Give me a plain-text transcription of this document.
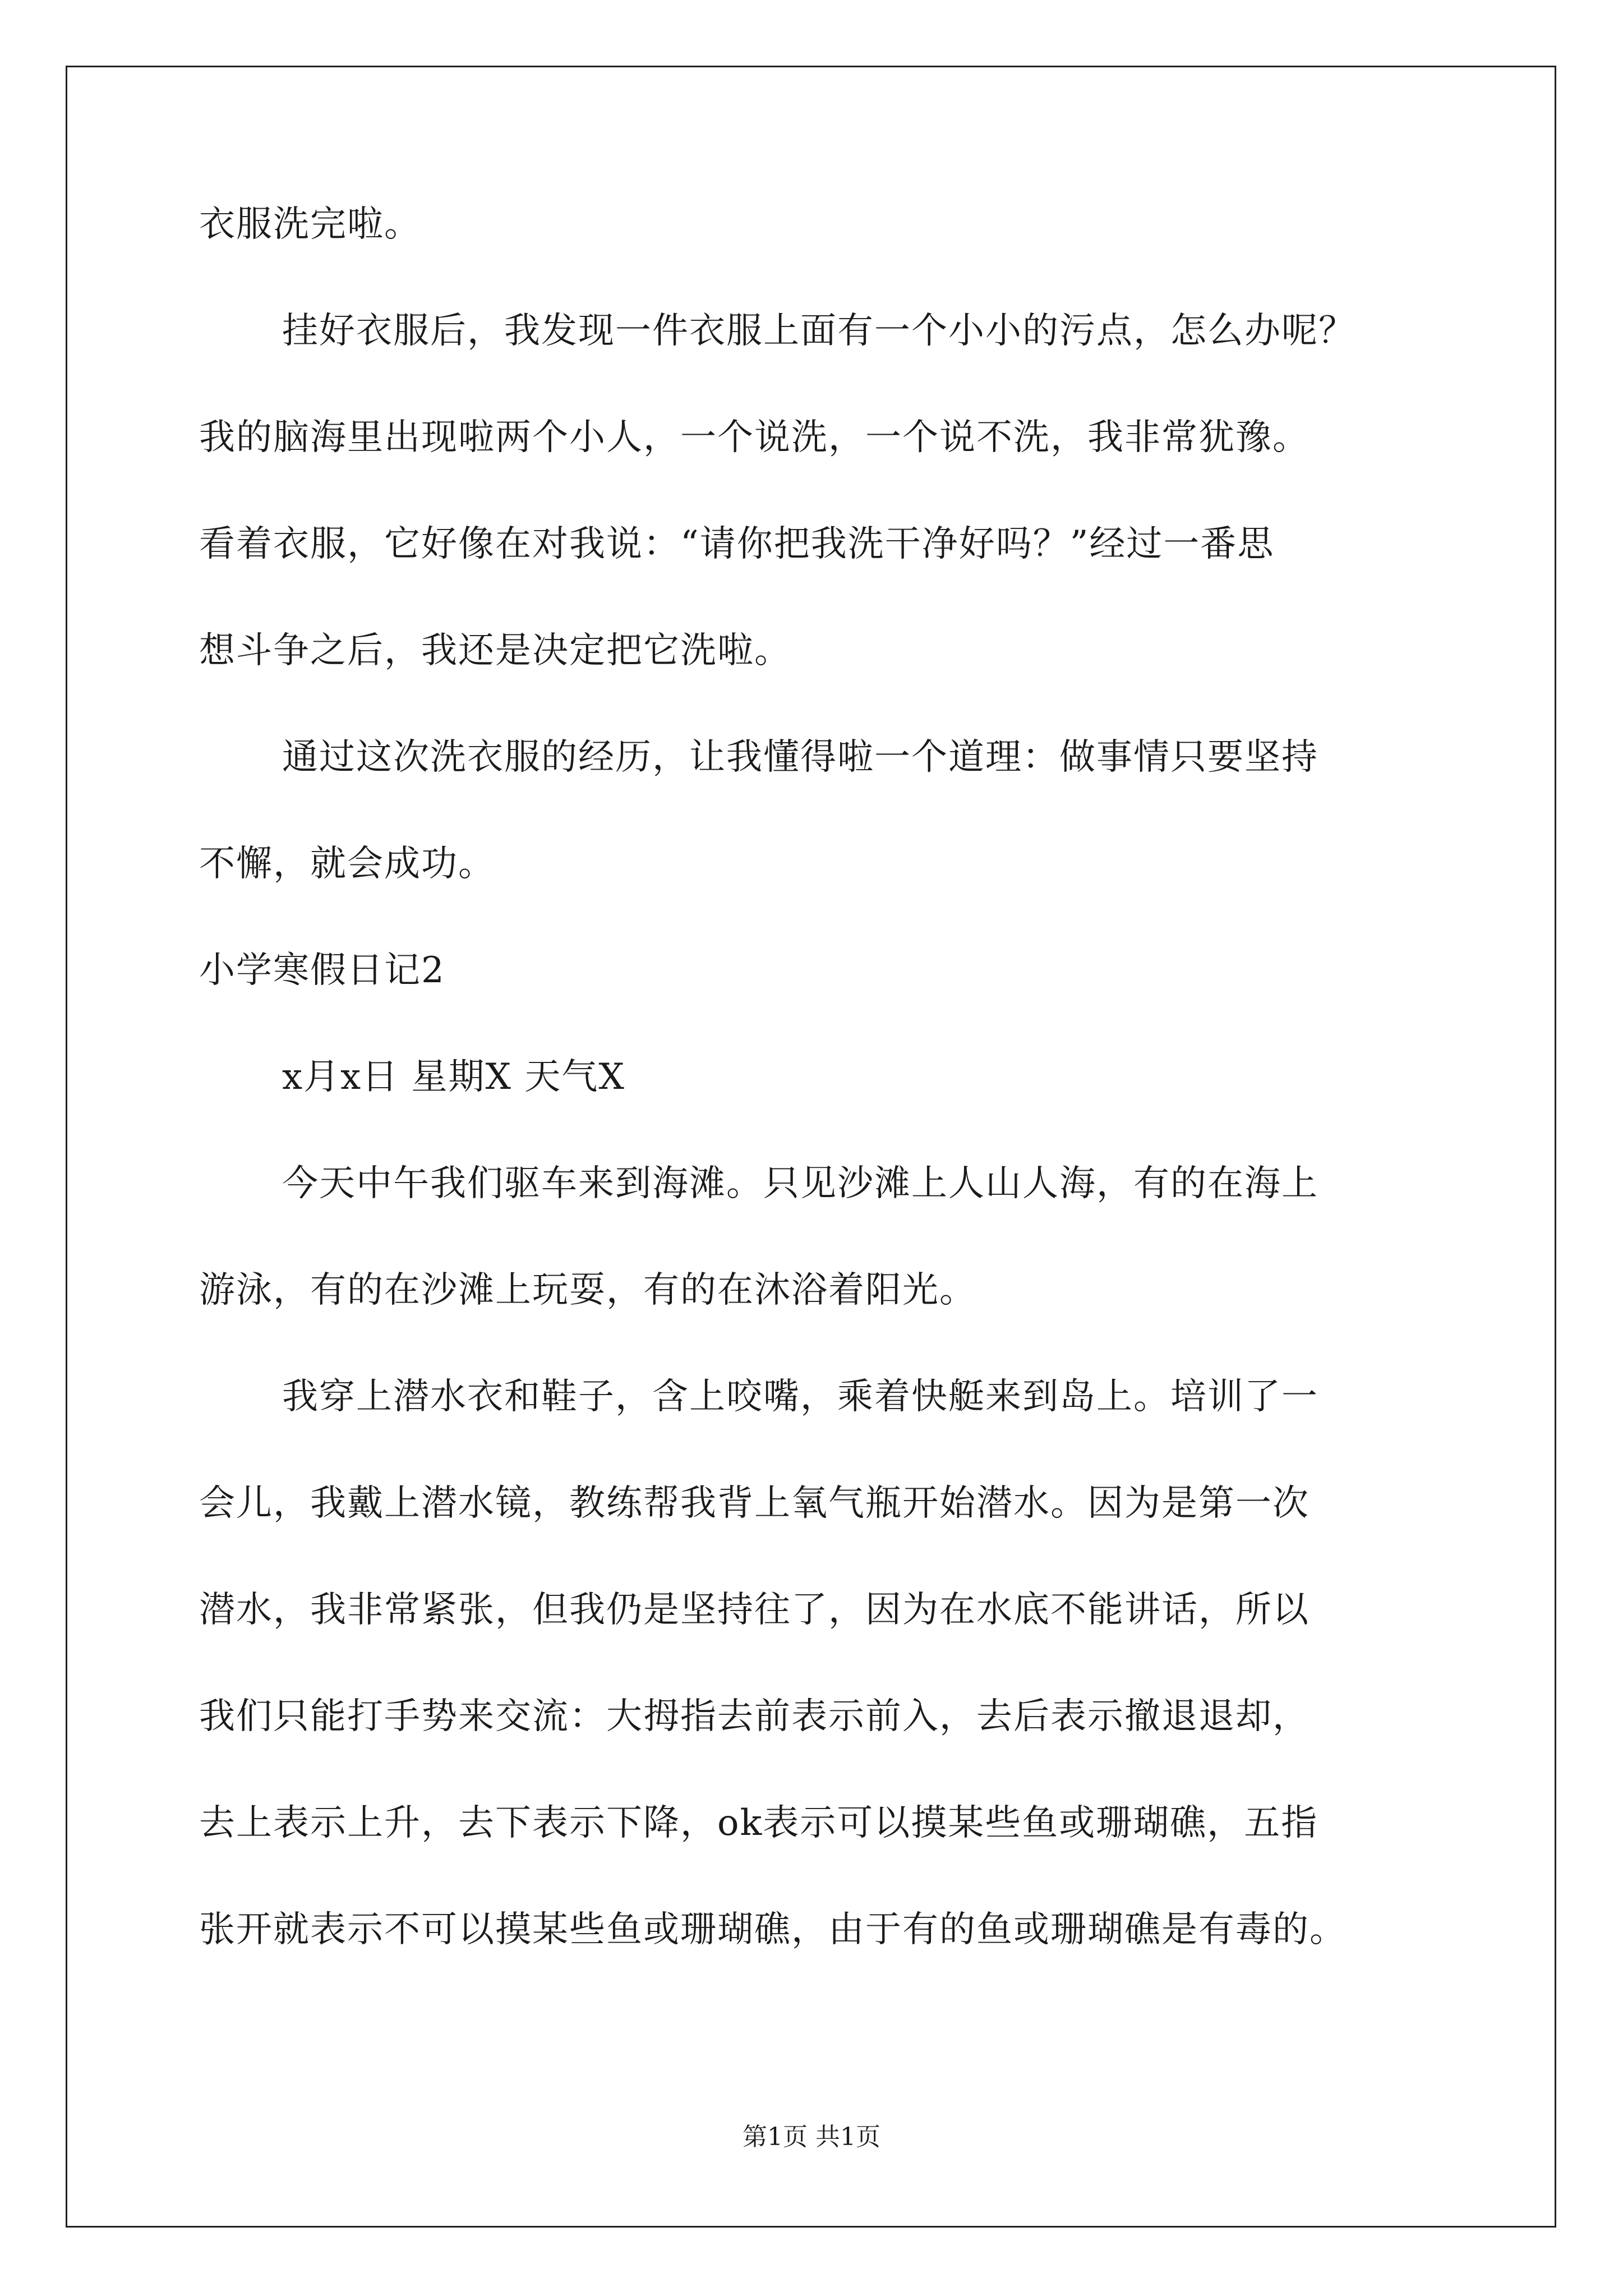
衣服洗完啦。
挂好衣服后，我发现一件衣服上面有一个小小的污点，怎么办呢？
我的脑海里出现啦两个小人，一个说洗，一个说不洗，我非常犹豫。
看着衣服，它好像在对我说：“请你把我洗干净好吗？”经过一番思
想斗争之后，我还是决定把它洗啦。
通过这次洗衣服的经历，让我懂得啦一个道理：做事情只要坚持
不懈，就会成功。
小学寒假日记2
x月x日 星期X 天气X
今天中午我们驱车来到海滩。只见沙滩上人山人海，有的在海上
游泳，有的在沙滩上玩耍，有的在沐浴着阳光。
我穿上潜水衣和鞋子，含上咬嘴，乘着快艇来到岛上。培训了一
会儿，我戴上潜水镜，教练帮我背上氧气瓶开始潜水。因为是第一次
潜水，我非常紧张，但我仍是坚持往了，因为在水底不能讲话，所以
我们只能打手势来交流：大拇指去前表示前入，去后表示撤退退却，
去上表示上升，去下表示下降，ok表示可以摸某些鱼或珊瑚礁，五指
张开就表示不可以摸某些鱼或珊瑚礁，由于有的鱼或珊瑚礁是有毒的。
第1页 共1页
